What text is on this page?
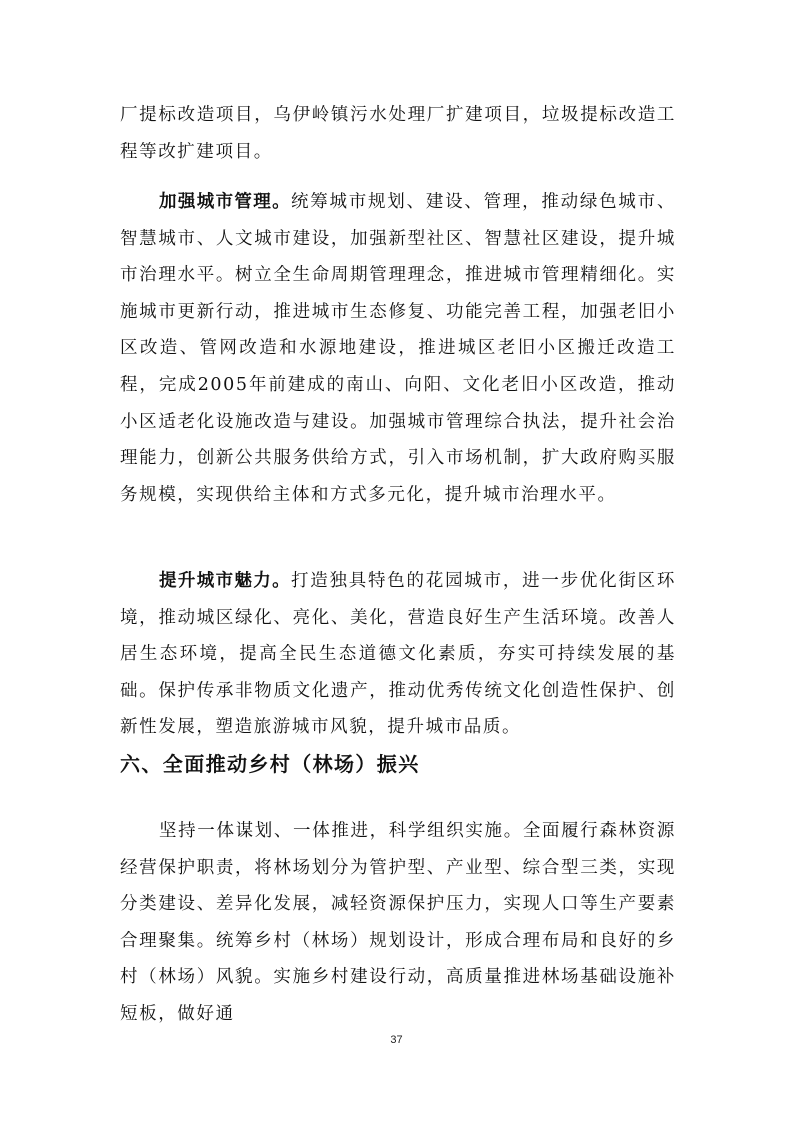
厂提标改造项目，乌伊岭镇污水处理厂扩建项目，垃圾提标改造工程等改扩建项目。

加强城市管理。统筹城市规划、建设、管理，推动绿色城市、智慧城市、人文城市建设，加强新型社区、智慧社区建设，提升城市治理水平。树立全生命周期管理理念，推进城市管理精细化。实施城市更新行动，推进城市生态修复、功能完善工程，加强老旧小区改造、管网改造和水源地建设，推进城区老旧小区搬迁改造工程，完成2005年前建成的南山、向阳、文化老旧小区改造，推动小区适老化设施改造与建设。加强城市管理综合执法，提升社会治理能力，创新公共服务供给方式，引入市场机制，扩大政府购买服务规模，实现供给主体和方式多元化，提升城市治理水平。

提升城市魅力。打造独具特色的花园城市，进一步优化街区环境，推动城区绿化、亮化、美化，营造良好生产生活环境。改善人居生态环境，提高全民生态道德文化素质，夯实可持续发展的基础。保护传承非物质文化遗产，推动优秀传统文化创造性保护、创新性发展，塑造旅游城市风貌，提升城市品质。

六、全面推动乡村（林场）振兴

坚持一体谋划、一体推进，科学组织实施。全面履行森林资源经营保护职责，将林场划分为管护型、产业型、综合型三类，实现分类建设、差异化发展，减轻资源保护压力，实现人口等生产要素合理聚集。统筹乡村（林场）规划设计，形成合理布局和良好的乡村（林场）风貌。实施乡村建设行动，高质量推进林场基础设施补短板，做好通

37
